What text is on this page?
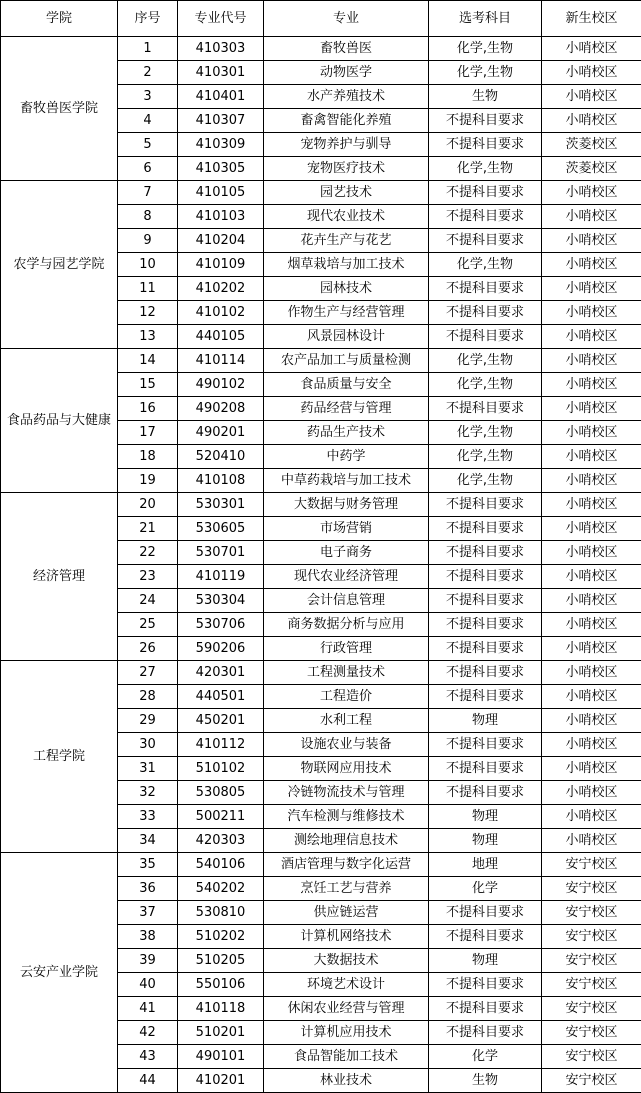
学院	序号	专业代号	专业	选考科目	新生校区
畜牧兽医学院	1	410303	畜牧兽医	化学,生物	小哨校区
	2	410301	动物医学	化学,生物	小哨校区
	3	410401	水产养殖技术	生物	小哨校区
	4	410307	畜禽智能化养殖	不提科目要求	小哨校区
	5	410309	宠物养护与驯导	不提科目要求	茨菱校区
	6	410305	宠物医疗技术	化学,生物	茨菱校区
农学与园艺学院	7	410105	园艺技术	不提科目要求	小哨校区
	8	410103	现代农业技术	不提科目要求	小哨校区
	9	410204	花卉生产与花艺	不提科目要求	小哨校区
	10	410109	烟草栽培与加工技术	化学,生物	小哨校区
	11	410202	园林技术	不提科目要求	小哨校区
	12	410102	作物生产与经营管理	不提科目要求	小哨校区
	13	440105	风景园林设计	不提科目要求	小哨校区
食品药品与大健康	14	410114	农产品加工与质量检测	化学,生物	小哨校区
	15	490102	食品质量与安全	化学,生物	小哨校区
	16	490208	药品经营与管理	不提科目要求	小哨校区
	17	490201	药品生产技术	化学,生物	小哨校区
	18	520410	中药学	化学,生物	小哨校区
	19	410108	中草药栽培与加工技术	化学,生物	小哨校区
经济管理	20	530301	大数据与财务管理	不提科目要求	小哨校区
	21	530605	市场营销	不提科目要求	小哨校区
	22	530701	电子商务	不提科目要求	小哨校区
	23	410119	现代农业经济管理	不提科目要求	小哨校区
	24	530304	会计信息管理	不提科目要求	小哨校区
	25	530706	商务数据分析与应用	不提科目要求	小哨校区
	26	590206	行政管理	不提科目要求	小哨校区
工程学院	27	420301	工程测量技术	不提科目要求	小哨校区
	28	440501	工程造价	不提科目要求	小哨校区
	29	450201	水利工程	物理	小哨校区
	30	410112	设施农业与装备	不提科目要求	小哨校区
	31	510102	物联网应用技术	不提科目要求	小哨校区
	32	530805	冷链物流技术与管理	不提科目要求	小哨校区
	33	500211	汽车检测与维修技术	物理	小哨校区
	34	420303	测绘地理信息技术	物理	小哨校区
云安产业学院	35	540106	酒店管理与数字化运营	地理	安宁校区
	36	540202	烹饪工艺与营养	化学	安宁校区
	37	530810	供应链运营	不提科目要求	安宁校区
	38	510202	计算机网络技术	不提科目要求	安宁校区
	39	510205	大数据技术	物理	安宁校区
	40	550106	环境艺术设计	不提科目要求	安宁校区
	41	410118	休闲农业经营与管理	不提科目要求	安宁校区
	42	510201	计算机应用技术	不提科目要求	安宁校区
	43	490101	食品智能加工技术	化学	安宁校区
	44	410201	林业技术	生物	安宁校区
